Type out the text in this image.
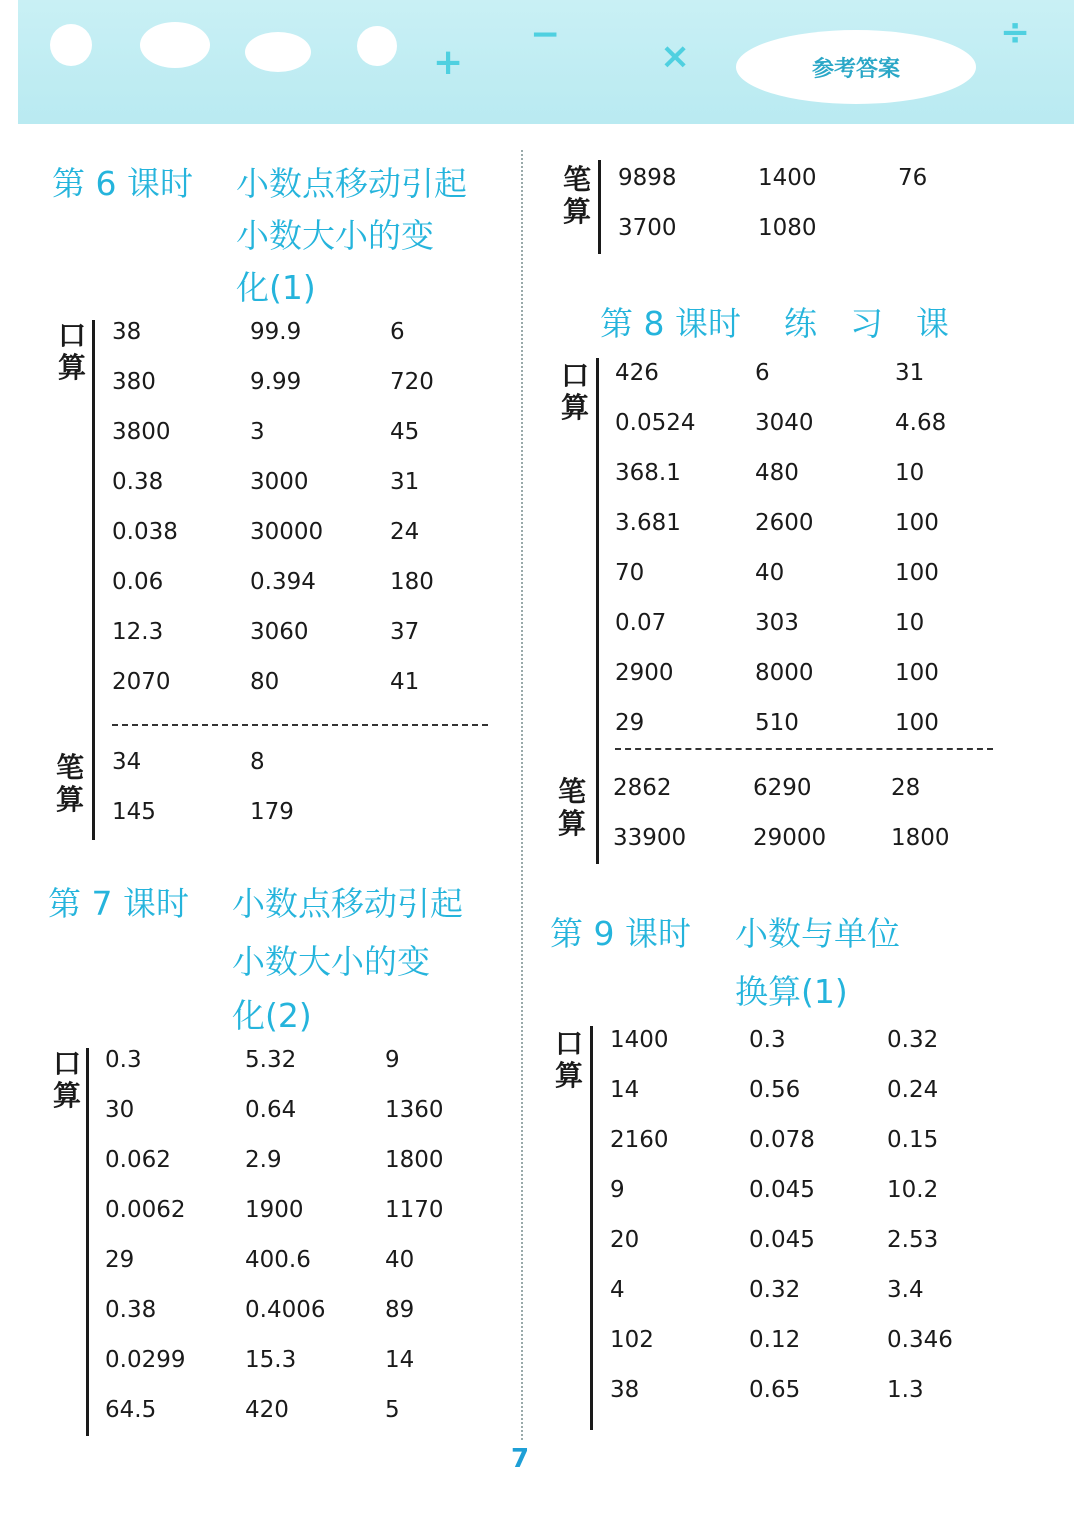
+
−
×
÷
参考答案
第 6 课时 小数点移动引起
小数大小的变
化(1)
口算
笔算
38	99.9	6
380	9.99	720
3800	3	45
0.38	3000	31
0.038	30000	24
0.06	0.394	180
12.3	3060	37
2070	80	41
34	8
145	179
第 7 课时 小数点移动引起
小数大小的变
化(2)
口算
0.3	5.32	9
30	0.64	1360
0.062	2.9	1800
0.0062	1900	1170
29	400.6	40
0.38	0.4006	89
0.0299	15.3	14
64.5	420	5
笔算
9898	1400	76
3700	1080
第 8 课时 练　习　课
口算
笔算
426	6	31
0.0524	3040	4.68
368.1	480	10
3.681	2600	100
70	40	100
0.07	303	10
2900	8000	100
29	510	100
2862	6290	28
33900	29000	1800
第 9 课时 小数与单位
换算(1)
口算
1400	0.3	0.32
14	0.56	0.24
2160	0.078	0.15
9	0.045	10.2
20	0.045	2.53
4	0.32	3.4
102	0.12	0.346
38	0.65	1.3
7
